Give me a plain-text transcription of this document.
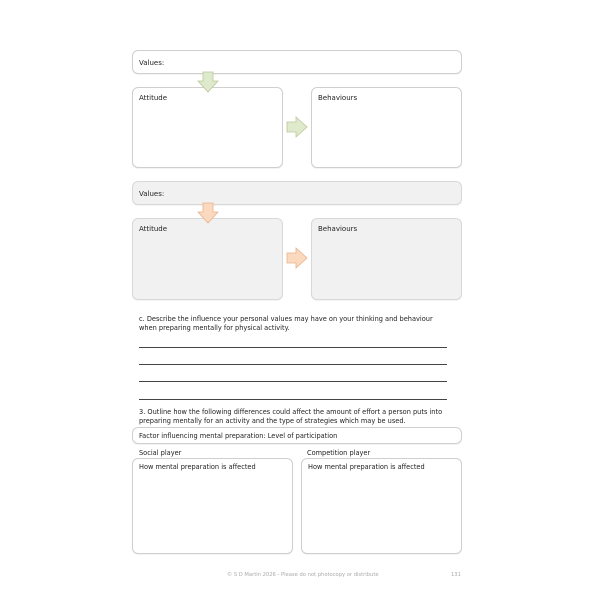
Values:
Attitude	Behaviours
Values:
Attitude	Behaviours
c. Describe the influence your personal values may have on your thinking and behaviour when preparing mentally for physical activity.
3. Outline how the following differences could affect the amount of effort a person puts into preparing mentally for an activity and the type of strategies which may be used.
Factor influencing mental preparation: Level of participation
Social player	Competition player
How mental preparation is affected	How mental preparation is affected
© S D Martin 2026 - Please do not photocopy or distribute	131
